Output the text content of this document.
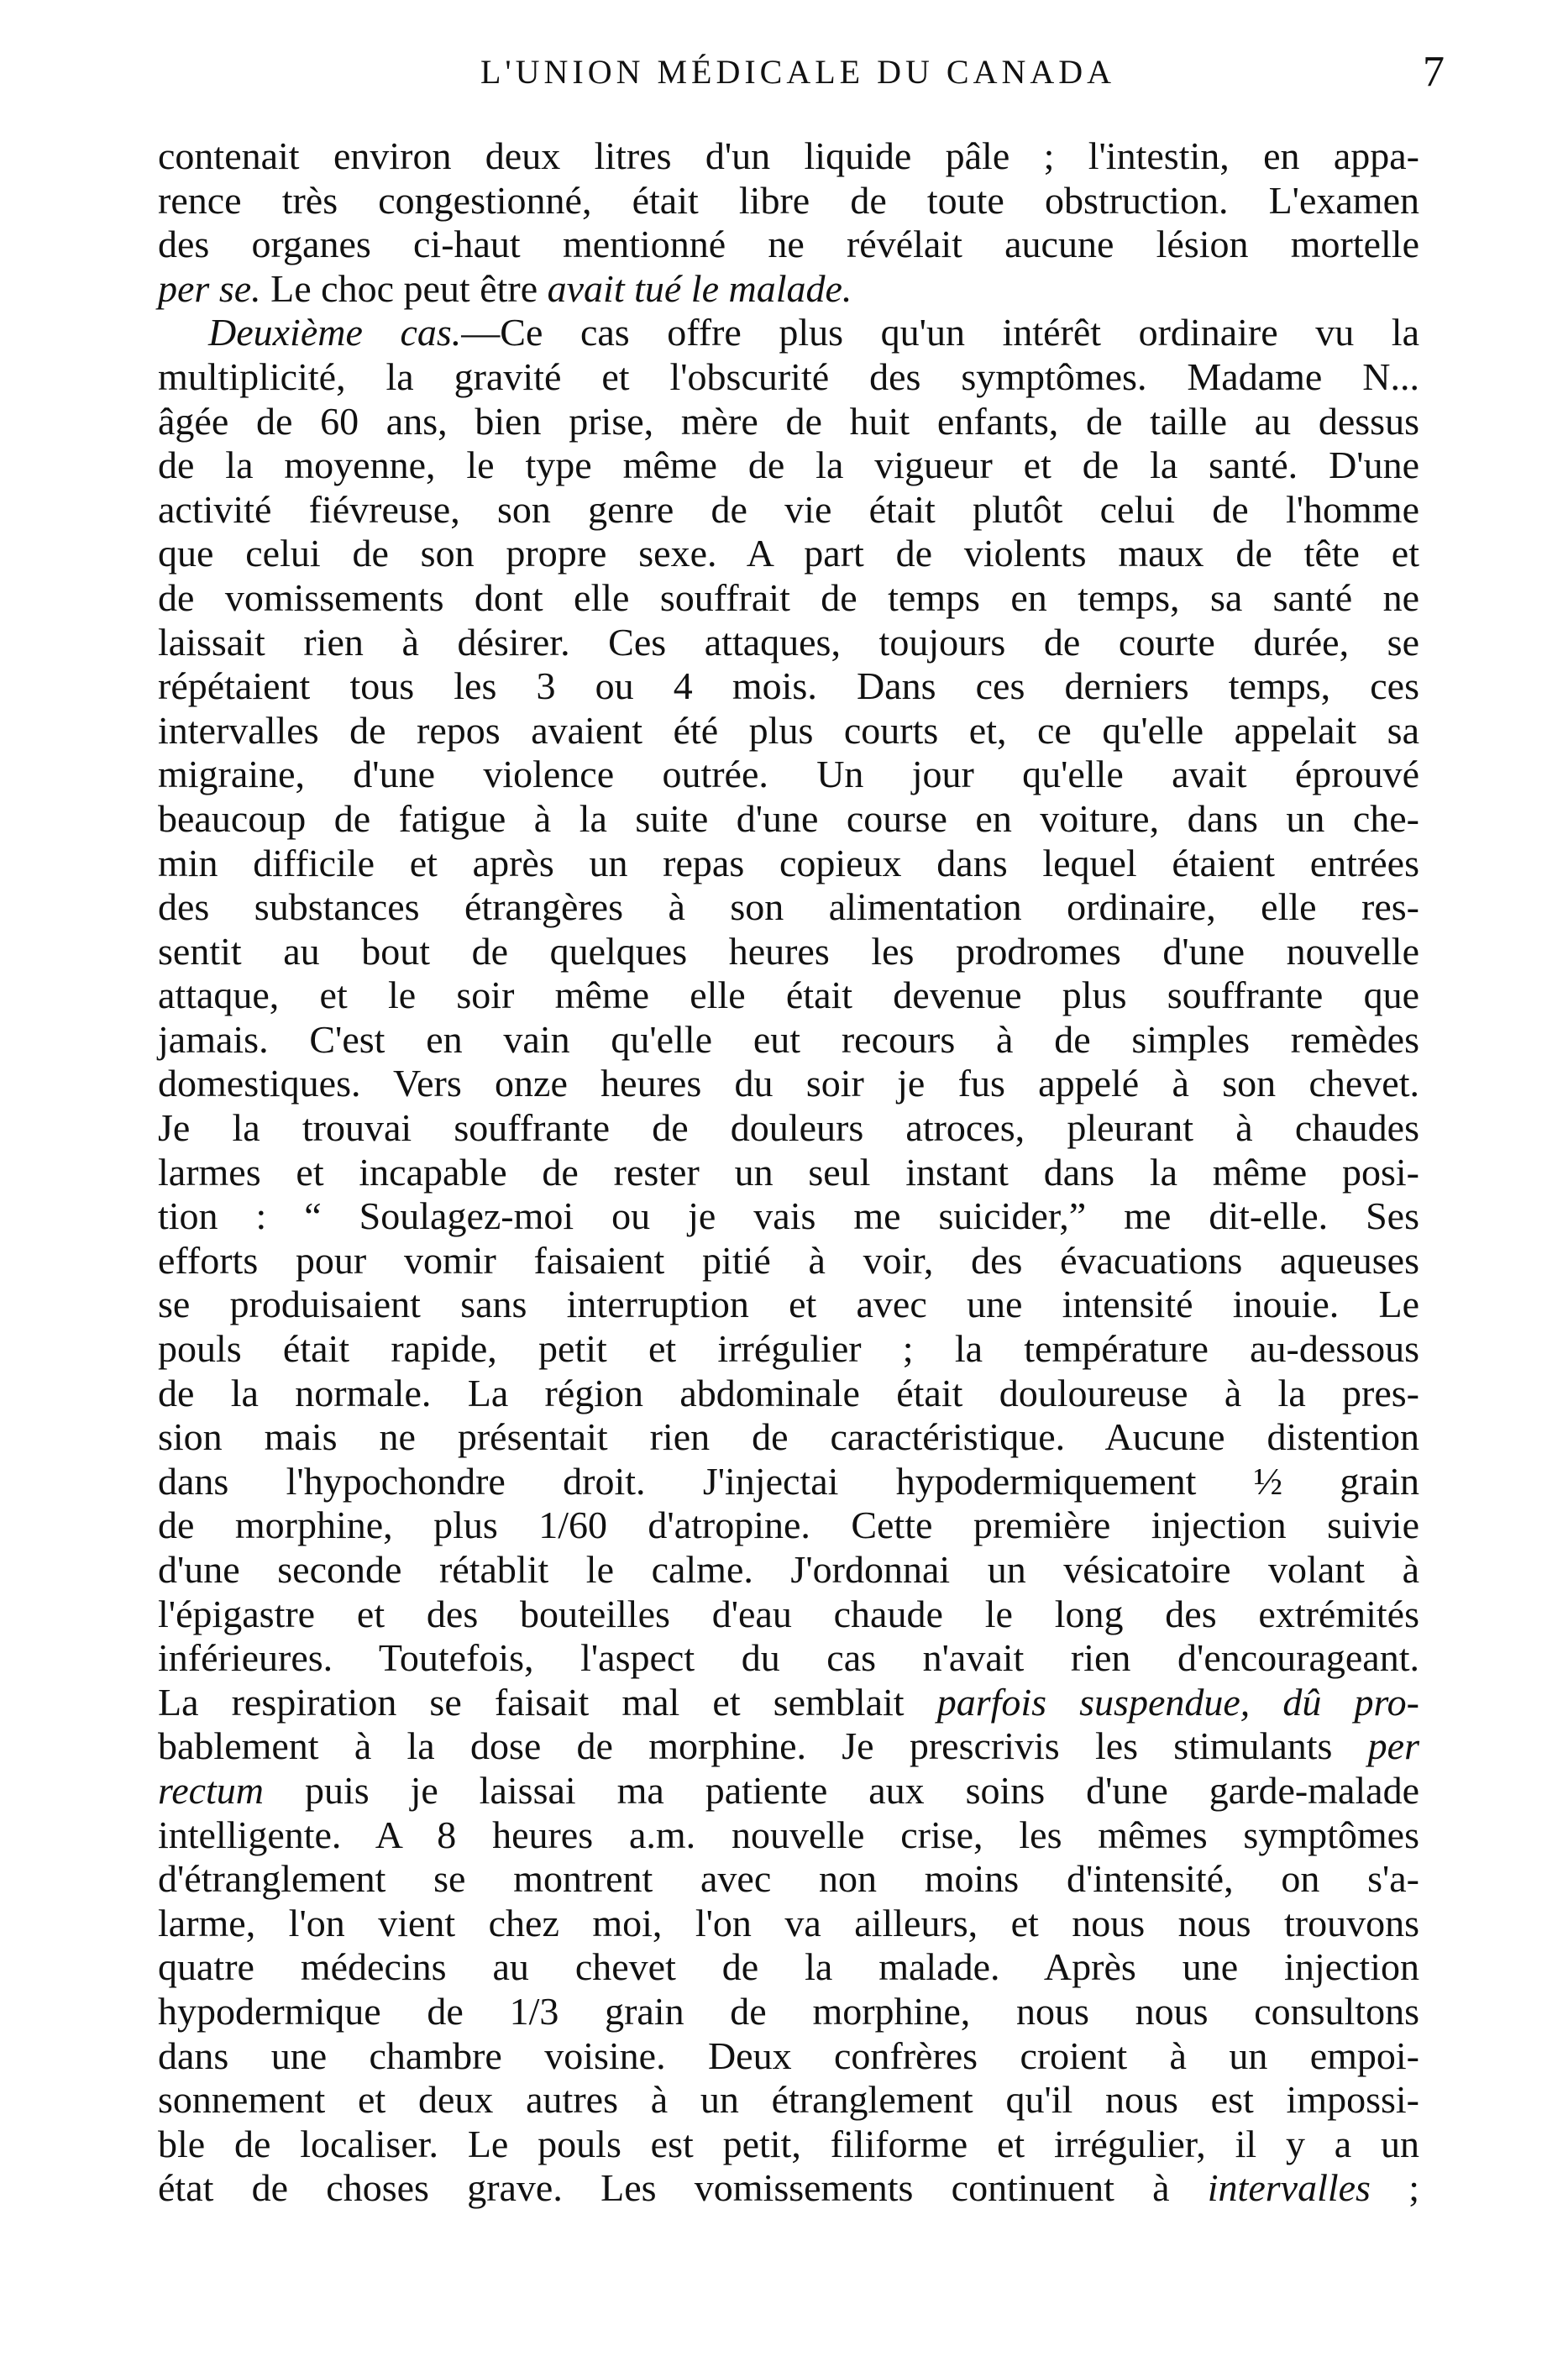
L'UNION MÉDICALE DU CANADA	7
contenait environ deux litres d'un liquide pâle ; l'intestin, en appa-
rence très congestionné, était libre de toute obstruction. L'examen
des organes ci-haut mentionné ne révélait aucune lésion mortelle
per se. Le choc peut être avait tué le malade.
Deuxième cas.—Ce cas offre plus qu'un intérêt ordinaire vu la
multiplicité, la gravité et l'obscurité des symptômes. Madame N...
âgée de 60 ans, bien prise, mère de huit enfants, de taille au dessus
de la moyenne, le type même de la vigueur et de la santé. D'une
activité fiévreuse, son genre de vie était plutôt celui de l'homme
que celui de son propre sexe. A part de violents maux de tête et
de vomissements dont elle souffrait de temps en temps, sa santé ne
laissait rien à désirer. Ces attaques, toujours de courte durée, se
répétaient tous les 3 ou 4 mois. Dans ces derniers temps, ces
intervalles de repos avaient été plus courts et, ce qu'elle appelait sa
migraine, d'une violence outrée. Un jour qu'elle avait éprouvé
beaucoup de fatigue à la suite d'une course en voiture, dans un che-
min difficile et après un repas copieux dans lequel étaient entrées
des substances étrangères à son alimentation ordinaire, elle res-
sentit au bout de quelques heures les prodromes d'une nouvelle
attaque, et le soir même elle était devenue plus souffrante que
jamais. C'est en vain qu'elle eut recours à de simples remèdes
domestiques. Vers onze heures du soir je fus appelé à son chevet.
Je la trouvai souffrante de douleurs atroces, pleurant à chaudes
larmes et incapable de rester un seul instant dans la même posi-
tion : “ Soulagez-moi ou je vais me suicider,” me dit-elle. Ses
efforts pour vomir faisaient pitié à voir, des évacuations aqueuses
se produisaient sans interruption et avec une intensité inouie. Le
pouls était rapide, petit et irrégulier ; la température au-dessous
de la normale. La région abdominale était douloureuse à la pres-
sion mais ne présentait rien de caractéristique. Aucune distention
dans l'hypochondre droit. J'injectai hypodermiquement ½ grain
de morphine, plus 1/60 d'atropine. Cette première injection suivie
d'une seconde rétablit le calme. J'ordonnai un vésicatoire volant à
l'épigastre et des bouteilles d'eau chaude le long des extrémités
inférieures. Toutefois, l'aspect du cas n'avait rien d'encourageant.
La respiration se faisait mal et semblait parfois suspendue, dû pro-
bablement à la dose de morphine. Je prescrivis les stimulants per
rectum puis je laissai ma patiente aux soins d'une garde-malade
intelligente. A 8 heures a.m. nouvelle crise, les mêmes symptômes
d'étranglement se montrent avec non moins d'intensité, on s'a-
larme, l'on vient chez moi, l'on va ailleurs, et nous nous trouvons
quatre médecins au chevet de la malade. Après une injection
hypodermique de 1/3 grain de morphine, nous nous consultons
dans une chambre voisine. Deux confrères croient à un empoi-
sonnement et deux autres à un étranglement qu'il nous est impossi-
ble de localiser. Le pouls est petit, filiforme et irrégulier, il y a un
état de choses grave. Les vomissements continuent à intervalles ;
